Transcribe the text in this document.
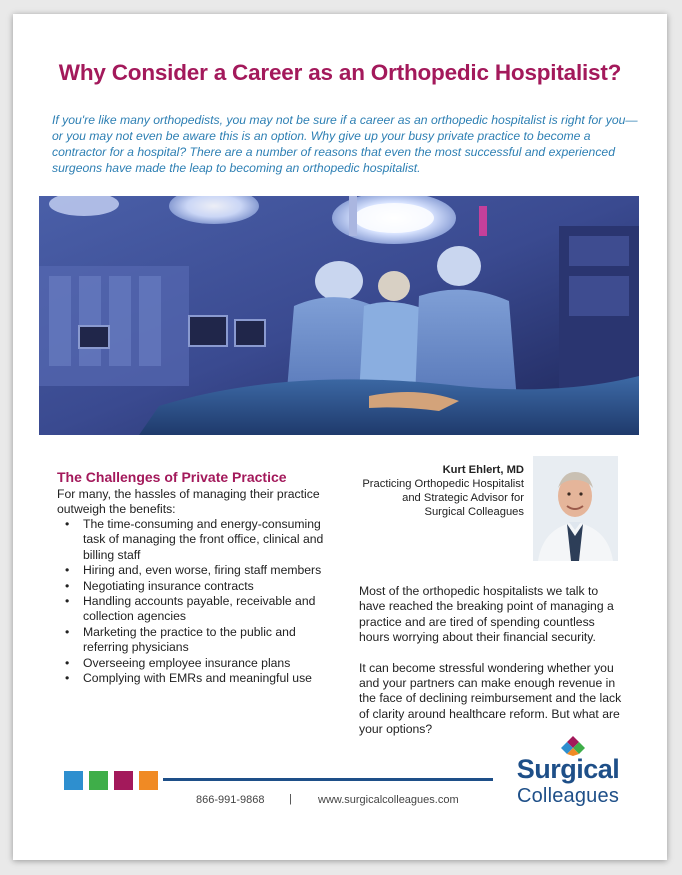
Why Consider a Career as an Orthopedic Hospitalist?
If you're like many orthopedists, you may not be sure if a career as an orthopedic hospitalist is right for you—or you may not even be aware this is an option. Why give up your busy private practice to become a contractor for a hospital? There are a number of reasons that even the most successful and experienced surgeons have made the leap to becoming an orthopedic hospitalist.
The Challenges of Private Practice
For many, the hassles of managing their practice outweigh the benefits:
• The time-consuming and energy-consuming task of managing the front office, clinical and billing staff
• Hiring and, even worse, firing staff members
• Negotiating insurance contracts
• Handling accounts payable, receivable and collection agencies
• Marketing the practice to the public and referring physicians
• Overseeing employee insurance plans
• Complying with EMRs and meaningful use
Kurt Ehlert, MD
Practicing Orthopedic Hospitalist
and Strategic Advisor for
Surgical Colleagues

Most of the orthopedic hospitalists we talk to have reached the breaking point of managing a practice and are tired of spending countless hours worrying about their financial security.

It can become stressful wondering whether you and your partners can make enough revenue in the face of declining reimbursement and the lack of clarity around healthcare reform. But what are your options?

866-991-9868 | www.surgicalcolleagues.com
Surgical
Colleagues
